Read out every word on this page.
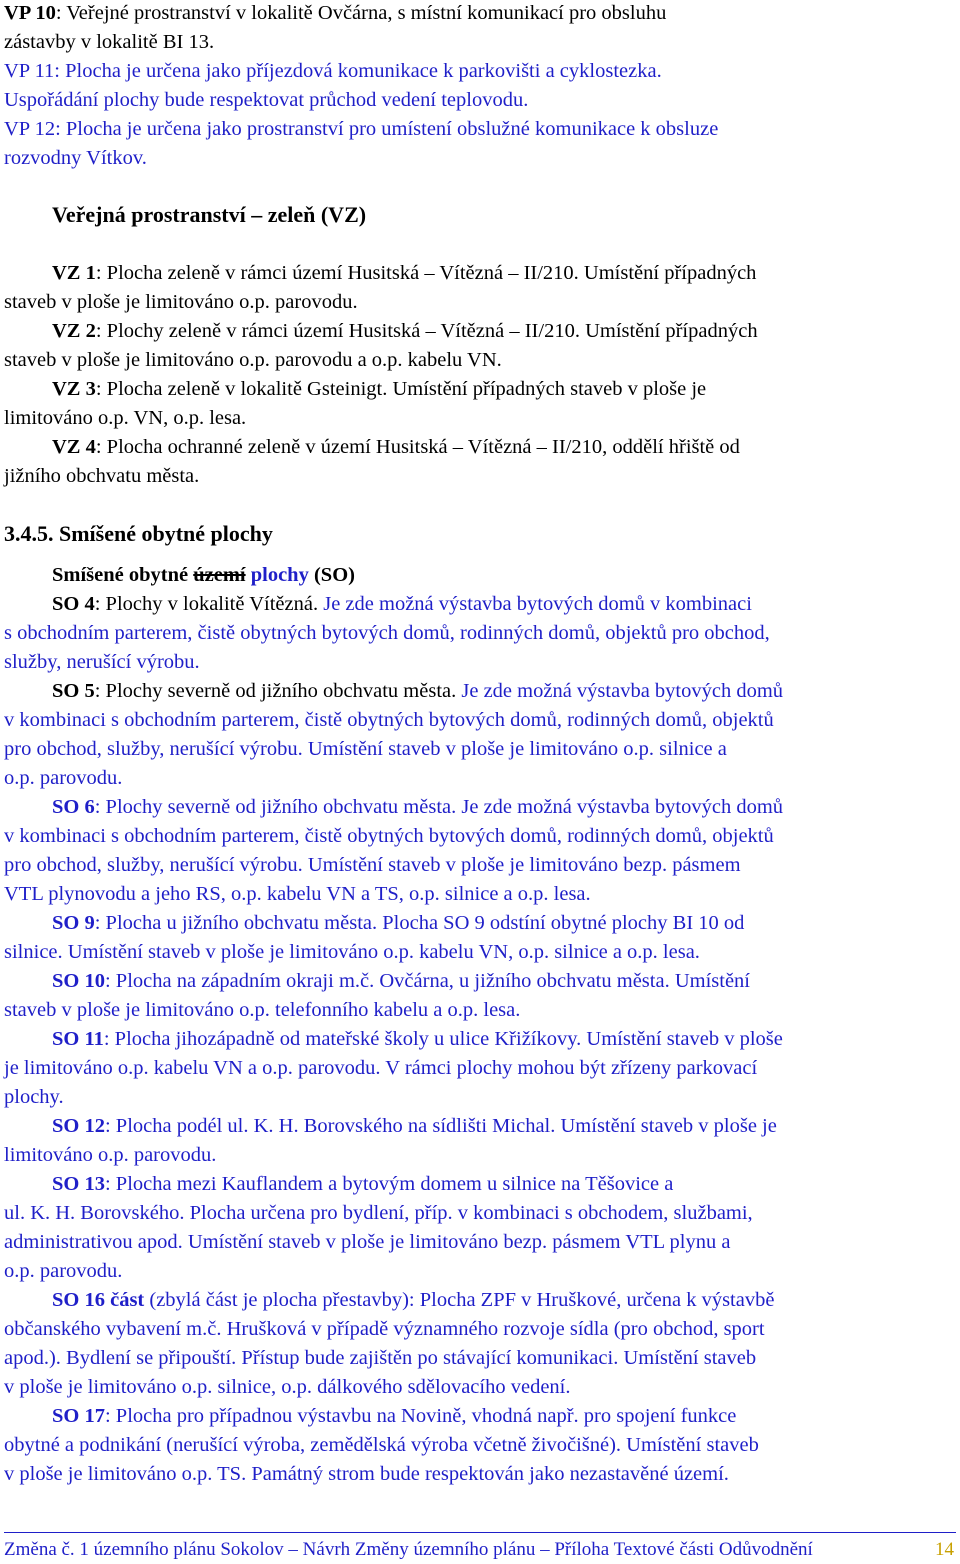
VP 10: Veřejné prostranství v lokalitě Ovčárna, s místní komunikací pro obsluhu
zástavby v lokalitě BI 13.
VP 11: Plocha je určena jako příjezdová komunikace k parkovišti a cyklostezka.
Uspořádání plochy bude respektovat průchod vedení teplovodu.
VP 12: Plocha je určena jako prostranství pro umístení obslužné komunikace k obsluze
rozvodny Vítkov.
Veřejná prostranství – zeleň (VZ)
VZ 1: Plocha zeleně v rámci území Husitská – Vítězná – II/210. Umístění případných
staveb v ploše je limitováno o.p. parovodu.
VZ 2: Plochy zeleně v rámci území Husitská – Vítězná – II/210. Umístění případných
staveb v ploše je limitováno o.p. parovodu a o.p. kabelu VN.
VZ 3: Plocha zeleně v lokalitě Gsteinigt. Umístění případných staveb v ploše je
limitováno o.p. VN, o.p. lesa.
VZ 4: Plocha ochranné zeleně v území Husitská – Vítězná – II/210, oddělí hřiště od
jižního obchvatu města.
3.4.5. Smíšené obytné plochy
Smíšené obytné území plochy (SO)
SO 4: Plochy v lokalitě Vítězná. Je zde možná výstavba bytových domů v kombinaci
s obchodním parterem, čistě obytných bytových domů, rodinných domů, objektů pro obchod,
služby, nerušící výrobu.
SO 5: Plochy severně od jižního obchvatu města. Je zde možná výstavba bytových domů
v kombinaci s obchodním parterem, čistě obytných bytových domů, rodinných domů, objektů
pro obchod, služby, nerušící výrobu. Umístění staveb v ploše je limitováno o.p. silnice a
o.p. parovodu.
SO 6: Plochy severně od jižního obchvatu města. Je zde možná výstavba bytových domů
v kombinaci s obchodním parterem, čistě obytných bytových domů, rodinných domů, objektů
pro obchod, služby, nerušící výrobu. Umístění staveb v ploše je limitováno bezp. pásmem
VTL plynovodu a jeho RS, o.p. kabelu VN a TS, o.p. silnice a o.p. lesa.
SO 9: Plocha u jižního obchvatu města. Plocha SO 9 odstíní obytné plochy BI 10 od
silnice. Umístění staveb v ploše je limitováno o.p. kabelu VN, o.p. silnice a o.p. lesa.
SO 10: Plocha na západním okraji m.č. Ovčárna, u jižního obchvatu města. Umístění
staveb v ploše je limitováno o.p. telefonního kabelu a o.p. lesa.
SO 11: Plocha jihozápadně od mateřské školy u ulice Křižíkovy. Umístění staveb v ploše
je limitováno o.p. kabelu VN a o.p. parovodu. V rámci plochy mohou být zřízeny parkovací
plochy.
SO 12: Plocha podél ul. K. H. Borovského na sídlišti Michal. Umístění staveb v ploše je
limitováno o.p. parovodu.
SO 13: Plocha mezi Kauflandem a bytovým domem u silnice na Těšovice a
ul. K. H. Borovského. Plocha určena pro bydlení, příp. v kombinaci s obchodem, službami,
administrativou apod. Umístění staveb v ploše je limitováno bezp. pásmem VTL plynu a
o.p. parovodu.
SO 16 část (zbylá část je plocha přestavby): Plocha ZPF v Hruškové, určena k výstavbě
občanského vybavení m.č. Hrušková v případě významného rozvoje sídla (pro obchod, sport
apod.). Bydlení se připouští. Přístup bude zajištěn po stávající komunikaci. Umístění staveb
v ploše je limitováno o.p. silnice, o.p. dálkového sdělovacího vedení.
SO 17: Plocha pro případnou výstavbu na Novině, vhodná např. pro spojení funkce
obytné a podnikání (nerušící výroba, zemědělská výroba včetně živočišné). Umístění staveb
v ploše je limitováno o.p. TS. Památný strom bude respektován jako nezastavěné území.
Změna č. 1 územního plánu Sokolov – Návrh Změny územního plánu – Příloha Textové části Odůvodnění	14
